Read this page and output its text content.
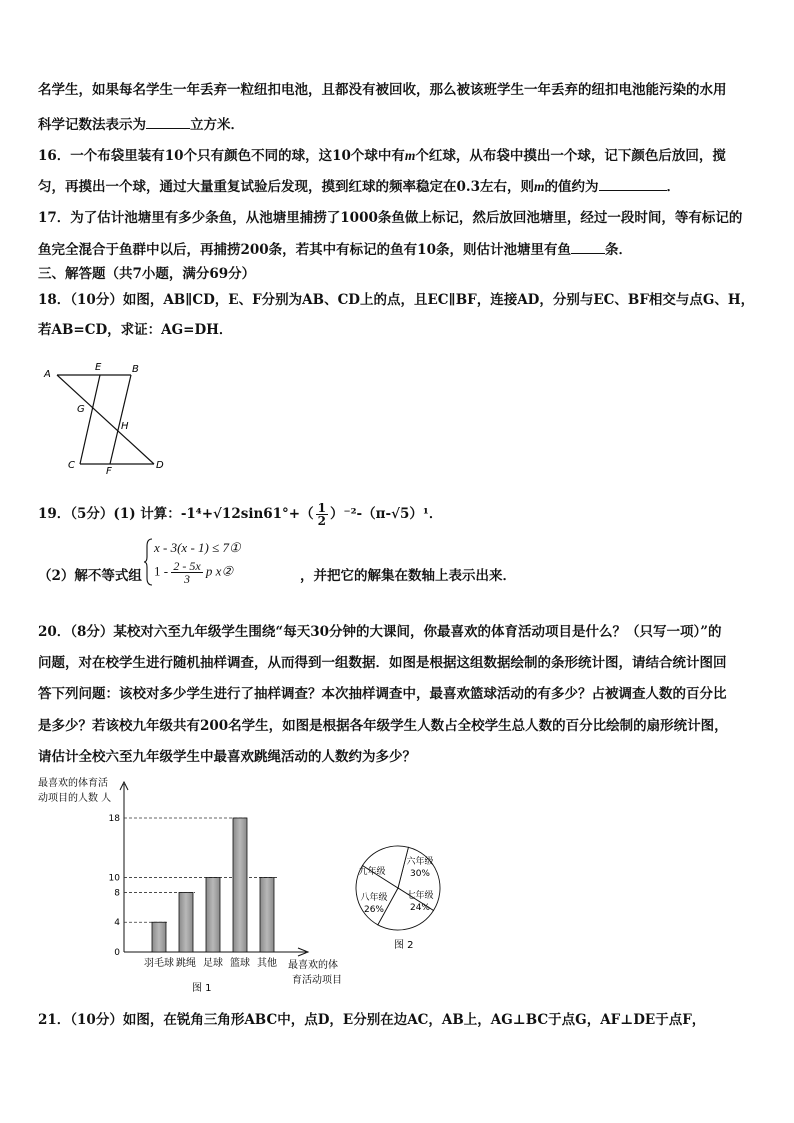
名学生，如果每名学生一年丢弃一粒纽扣电池，且都没有被回收，那么被该班学生一年丢弃的纽扣电池能污染的水用
科学记数法表示为	立方米．
16．一个布袋里装有10个只有颜色不同的球，这10个球中有m个红球，从布袋中摸出一个球，记下颜色后放回，搅
匀，再摸出一个球，通过大量重复试验后发现，摸到红球的频率稳定在0.3左右，则m的值约为	．
17．为了估计池塘里有多少条鱼，从池塘里捕捞了1000条鱼做上标记，然后放回池塘里，经过一段时间，等有标记的
鱼完全混合于鱼群中以后，再捕捞200条，若其中有标记的鱼有10条，则估计池塘里有鱼	条．
三、解答题（共7小题，满分69分）
18．（10分）如图，AB∥CD，E、F分别为AB、CD上的点，且EC∥BF，连接AD，分别与EC、BF相交与点G、H，
若AB=CD，求证：AG=DH．
A
E	B
G
H
C
F
D
19．（5分）(1) 计算：$-1^4+√12\sin 61^\circ+( \frac{1}{2} )^{-2}-(\pi-√5)^1$．
（2）解不等式组
x - 3(x - 1) ≤ 7①
$1 - \frac{2 - 5x}{3}$ p x②	，并把它的解集在数轴上表示出来．
20．（8分）某校对六至九年级学生围绕“每天30分钟的大课间，你最喜欢的体育活动项目是什么？（只写一项）”的
问题，对在校学生进行随机抽样调查，从而得到一组数据．如图是根据这组数据绘制的条形统计图，请结合统计图回
答下列问题：该校对多少学生进行了抽样调查？本次抽样调查中，最喜欢篮球活动的有多少？占被调查人数的百分比
是多少？若该校九年级共有200名学生，如图是根据各年级学生人数占全校学生总人数的百分比绘制的扇形统计图，
请估计全校六至九年级学生中最喜欢跳绳活动的人数约为多少？
最喜欢的体育活
动项目的人数 人
0
4
8
10
18
羽毛球 跳绳 足球 篮球 其他 最喜欢的体
育活动项目
图 1
六年级
30%
七年级
24%
八年级
26%
九年级
图 2
21．（10分）如图，在锐角三角形ABC中，点D，E分别在边AC，AB上，AG⊥BC于点G，AF⊥DE于点F，
